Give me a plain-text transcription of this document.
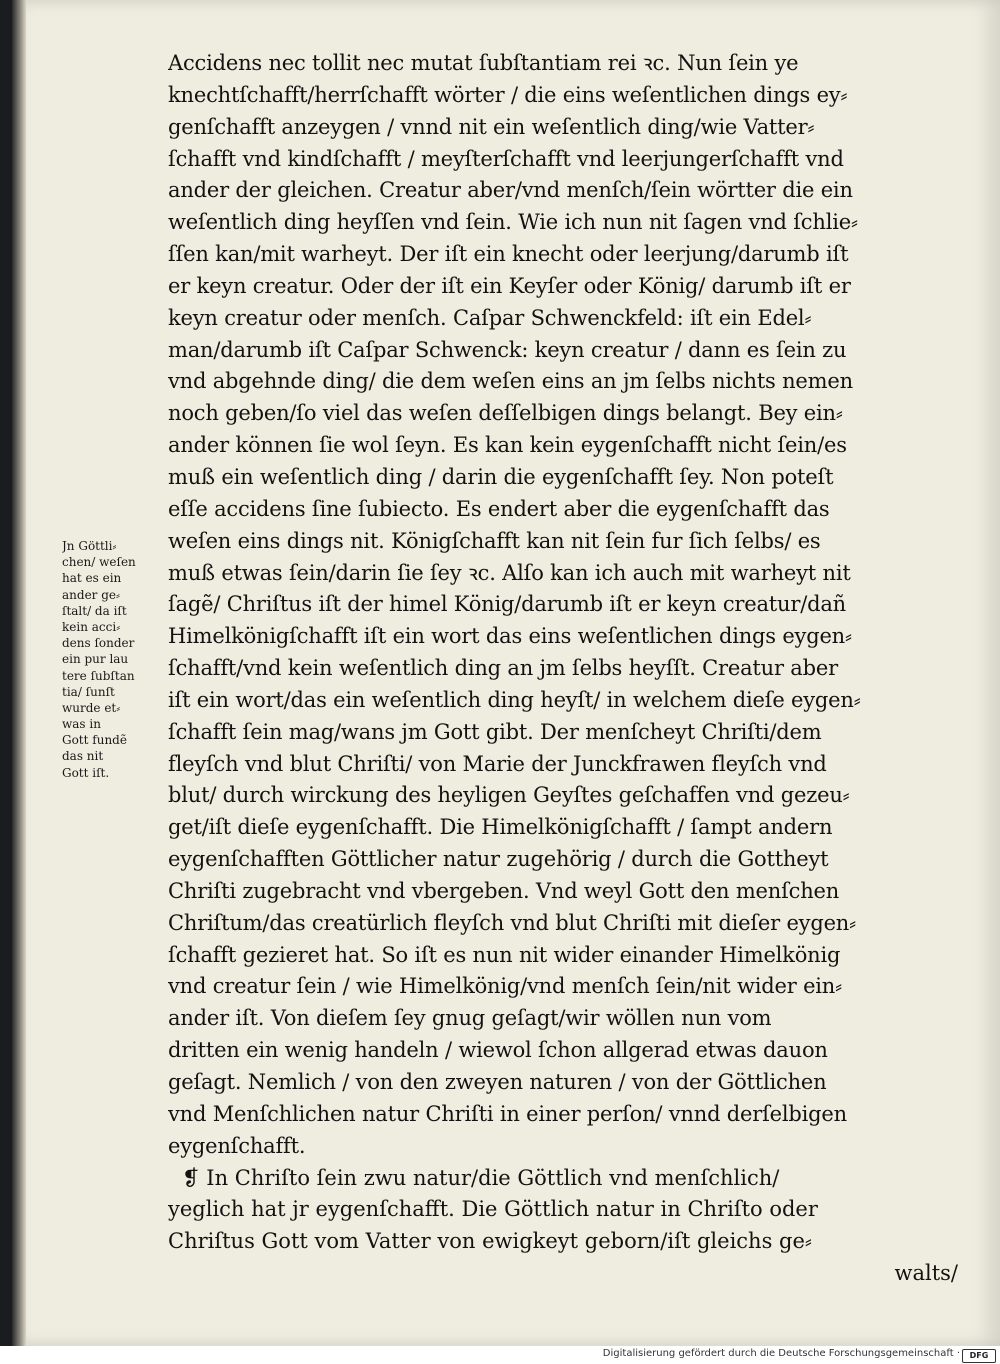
Accidens nec tollit nec mutat ſubſtantiam rei ꝛc. Nun ſein ye
knechtſchafft/herrſchafft wörter / die eins weſentlichen dings ey⸗
genſchafft anzeygen / vnnd nit ein weſentlich ding/wie Vatter⸗
ſchafft vnd kindſchafft / meyſterſchafft vnd leerjungerſchafft vnd
ander der gleichen. Creatur aber/vnd menſch/ſein wörtter die ein
weſentlich ding heyſſen vnd ſein. Wie ich nun nit ſagen vnd ſchlie⸗
ſſen kan/mit warheyt. Der iſt ein knecht oder leerjung/darumb iſt
er keyn creatur. Oder der iſt ein Keyſer oder König/ darumb iſt er
keyn creatur oder menſch. Caſpar Schwenckfeld: iſt ein Edel⸗
man/darumb iſt Caſpar Schwenck: keyn creatur / dann es ſein zu
vnd abgehnde ding/ die dem weſen eins an jm ſelbs nichts nemen
noch geben/ſo viel das weſen deſſelbigen dings belangt. Bey ein⸗
ander können ſie wol ſeyn. Es kan kein eygenſchafft nicht ſein/es
muß ein weſentlich ding / darin die eygenſchafft ſey. Non poteſt
eſſe accidens ſine ſubiecto. Es endert aber die eygenſchafft das
weſen eins dings nit. Königſchafft kan nit ſein fur ſich ſelbs/ es
muß etwas ſein/darin ſie ſey ꝛc. Alſo kan ich auch mit warheyt nit
ſagẽ/ Chriſtus iſt der himel König/darumb iſt er keyn creatur/dañ
Himelkönigſchafft iſt ein wort das eins weſentlichen dings eygen⸗
ſchafft/vnd kein weſentlich ding an jm ſelbs heyſſt. Creatur aber
iſt ein wort/das ein weſentlich ding heyſt/ in welchem dieſe eygen⸗
ſchafft ſein mag/wans jm Gott gibt. Der menſcheyt Chriſti/dem
fleyſch vnd blut Chriſti/ von Marie der Junckfrawen fleyſch vnd
blut/ durch wirckung des heyligen Geyſtes geſchaffen vnd gezeu⸗
get/iſt dieſe eygenſchafft. Die Himelkönigſchafft / ſampt andern
eygenſchafften Göttlicher natur zugehörig / durch die Gottheyt
Chriſti zugebracht vnd vbergeben. Vnd weyl Gott den menſchen
Chriſtum/das creatürlich fleyſch vnd blut Chriſti mit dieſer eygen⸗
ſchafft gezieret hat. So iſt es nun nit wider einander Himelkönig
vnd creatur ſein / wie Himelkönig/vnd menſch ſein/nit wider ein⸗
ander iſt. Von dieſem ſey gnug geſagt/wir wöllen nun vom
dritten ein wenig handeln / wiewol ſchon allgerad etwas dauon
geſagt. Nemlich / von den zweyen naturen / von der Göttlichen
vnd Menſchlichen natur Chriſti in einer perſon/ vnnd derſelbigen
eygenſchafft.
❡ In Chriſto ſein zwu natur/die Göttlich vnd menſchlich/
yeglich hat jr eygenſchafft. Die Göttlich natur in Chriſto oder
Chriſtus Gott vom Vatter von ewigkeyt geborn/iſt gleichs ge⸗
walts/
Jn Göttli⸗
chen/ weſen
hat es ein
ander ge⸗
ſtalt/ da iſt
kein acci⸗
dens ſonder
ein pur lau
tere ſubſtan
tia/ ſunſt
wurde et⸗
was in
Gott fundẽ
das nit
Gott iſt.
Digitalisierung gefördert durch die Deutsche Forschungsgemeinschaft ·	DFG
